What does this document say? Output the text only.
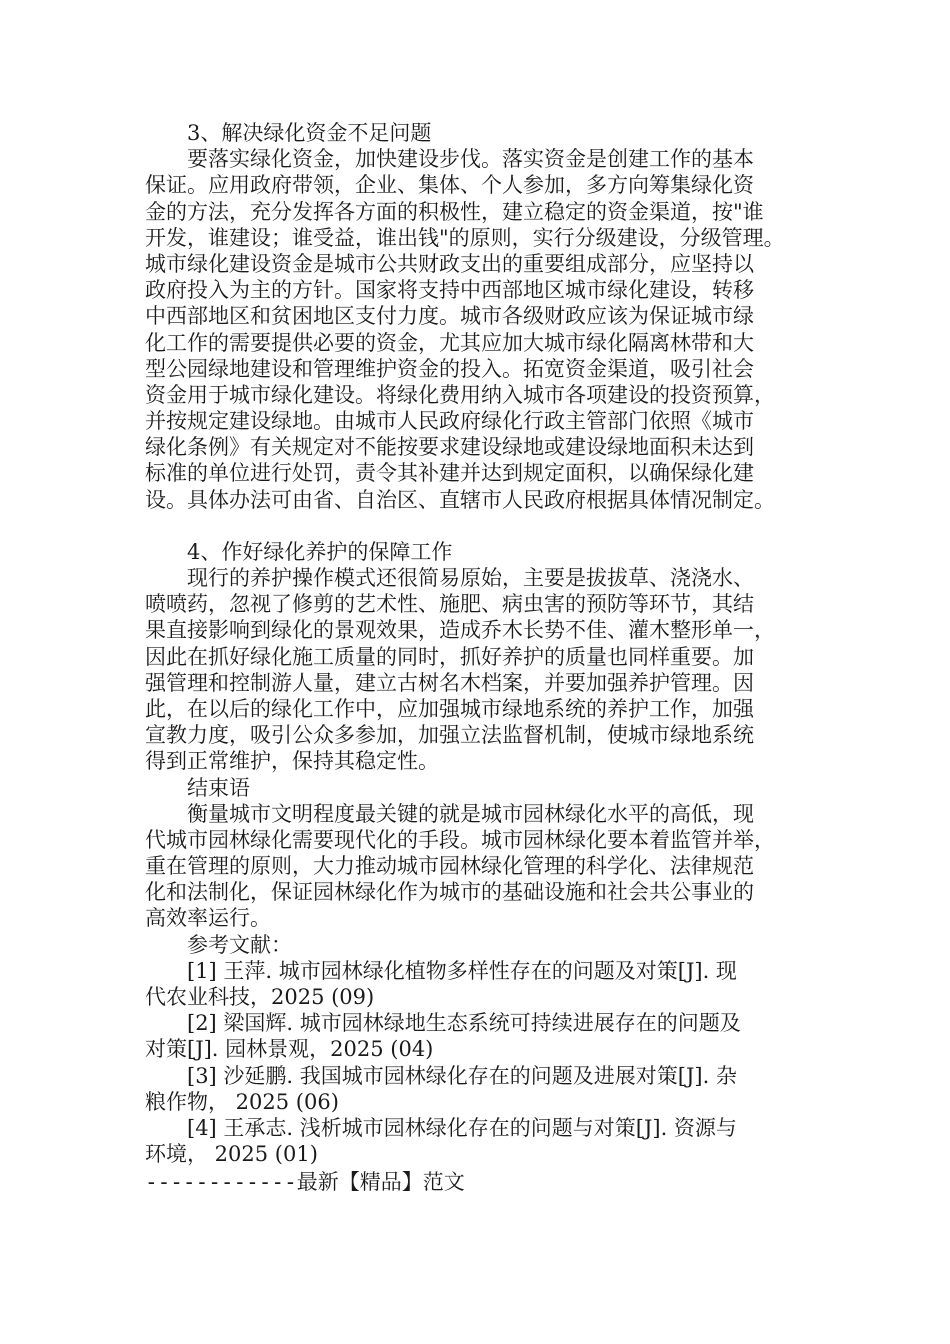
3、解决绿化资金不足问题
要落实绿化资金，加快建设步伐。落实资金是创建工作的基本
保证。应用政府带领，企业、集体、个人参加，多方向筹集绿化资
金的方法，充分发挥各方面的积极性，建立稳定的资金渠道，按"谁
开发，谁建设；谁受益，谁出钱"的原则，实行分级建设，分级管理。
城市绿化建设资金是城市公共财政支出的重要组成部分，应坚持以
政府投入为主的方针。国家将支持中西部地区城市绿化建设，转移
中西部地区和贫困地区支付力度。城市各级财政应该为保证城市绿
化工作的需要提供必要的资金，尤其应加大城市绿化隔离林带和大
型公园绿地建设和管理维护资金的投入。拓宽资金渠道，吸引社会
资金用于城市绿化建设。将绿化费用纳入城市各项建设的投资预算，
并按规定建设绿地。由城市人民政府绿化行政主管部门依照《城市
绿化条例》有关规定对不能按要求建设绿地或建设绿地面积未达到
标准的单位进行处罚，责令其补建并达到规定面积，以确保绿化建
设。具体办法可由省、自治区、直辖市人民政府根据具体情况制定。
4、作好绿化养护的保障工作
现行的养护操作模式还很简易原始，主要是拔拔草、浇浇水、
喷喷药，忽视了修剪的艺术性、施肥、病虫害的预防等环节，其结
果直接影响到绿化的景观效果，造成乔木长势不佳、灌木整形单一，
因此在抓好绿化施工质量的同时，抓好养护的质量也同样重要。加
强管理和控制游人量，建立古树名木档案，并要加强养护管理。因
此，在以后的绿化工作中，应加强城市绿地系统的养护工作，加强
宣教力度，吸引公众多参加，加强立法监督机制，使城市绿地系统
得到正常维护，保持其稳定性。
结束语
衡量城市文明程度最关键的就是城市园林绿化水平的高低，现
代城市园林绿化需要现代化的手段。城市园林绿化要本着监管并举，
重在管理的原则，大力推动城市园林绿化管理的科学化、法律规范
化和法制化，保证园林绿化作为城市的基础设施和社会共公事业的
高效率运行。
参考文献：
[1] 王萍. 城市园林绿化植物多样性存在的问题及对策[J]. 现
代农业科技，2025 (09)
[2] 梁国辉. 城市园林绿地生态系统可持续进展存在的问题及
对策[J]. 园林景观，2025 (04)
[3] 沙延鹏. 我国城市园林绿化存在的问题及进展对策[J]. 杂
粮作物， 2025 (06)
[4] 王承志. 浅析城市园林绿化存在的问题与对策[J]. 资源与
环境， 2025 (01)
------------最新【精品】范文
